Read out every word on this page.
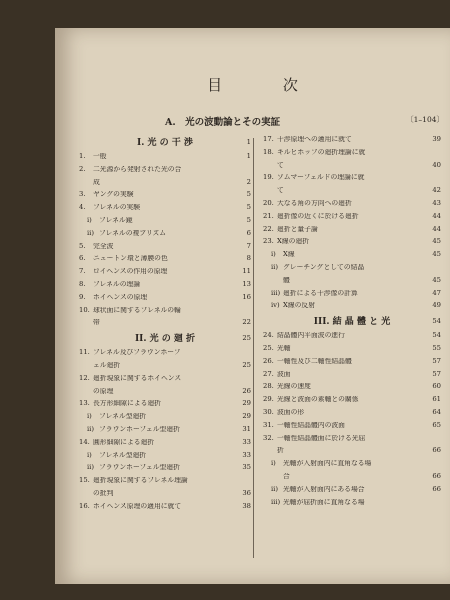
目 次
A.　光の波動論とその実証	〔1–104〕
I. 光 の 干 渉	1
1.	一般	1
2.	二光源から発射された光の合
成	2
3.	ヤングの実験	5
4.	フレネルの実験	5
i)	フレネル鏡	5
ii) フレネルの複プリズム	6
5.	完全波	7
6.	ニュートン環と薄膜の色	8
7.	ロイヘンスの作用の原理	11
8.	フレネルの理論	13
9.	ホイヘンスの原理	16
10. 球状面に関するフレネルの輪
帯	22
II. 光 の 廻 折	25
11. フレネル及びフラウンホーフ
ェル廻折	25
12. 廻折現象に関するホイヘンス
の原理	26
13. 長方形細隙による廻折	29
i)	フレネル型廻折	29
ii) フラウンホーフェル型廻折	31
14. 圓形細隙による廻折	33
i)	フレネル型廻折	33
ii) フラウンホーフェル型廻折	35
15. 廻折現象に関するフレネル理論
の批判	36
16. ホイヘンス原理の適用に就て	38
17. 干渉原理への適用に就て	39
18. キルヒホッフの廻折理論に就
て	40
19. ゾムマーフェルドの理論に就
て	42
20. 大なる角の方向への廻折	43
21. 廻折像の近くに於ける廻折	44
22. 廻折と量子論	44
23. X線の廻折	45
i)	X線	45
ii) グレーチングとしての結晶
體	45
iii) 廻折による干渉像の計算	47
iv) X線の反射	49
III. 結 晶 體 と 光	54
24. 結晶體内平面波の進行	54
25. 光軸	55
26. 一軸性及び二軸性結晶體	57
27. 波面	57
28. 光線の速度	60
29. 光線と波面の素軸との關係	61
30. 波面の形	64
31. 一軸性結晶體内の波面	65
32. 一軸性結晶體面に於ける光屈
折	66
i)	光軸が入射面内に直角なる場
合	66
ii) 光軸が入射面内にある場合	66
iii) 光軸が屈折面に直角なる場
